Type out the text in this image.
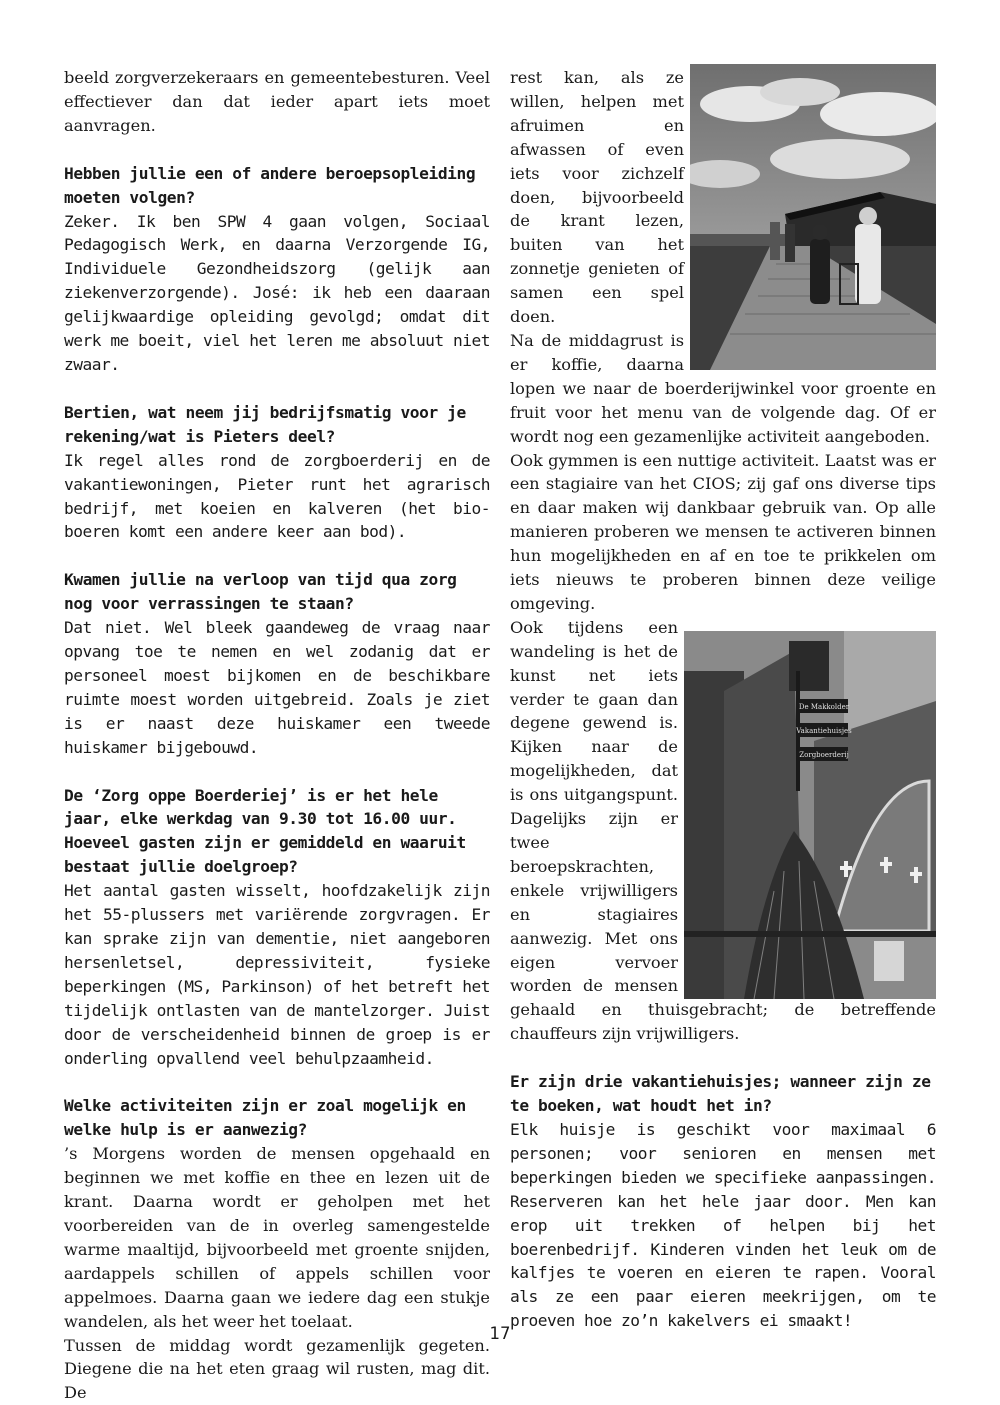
beeld zorgverzekeraars en gemeentebesturen. Veel effectiever dan dat ieder apart iets moet aanvragen.

Hebben jullie een of andere beroepsopleiding moeten volgen?

Zeker. Ik ben SPW 4 gaan volgen, Sociaal Pedagogisch Werk, en daarna Verzorgende IG, Individuele Gezondheidszorg (gelijk aan ziekenverzorgende). José: ik heb een daaraan gelijkwaardige opleiding gevolgd; omdat dit werk me boeit, viel het leren me absoluut niet zwaar.

Bertien, wat neem jij bedrijfsmatig voor je rekening/wat is Pieters deel?

Ik regel alles rond de zorgboerderij en de vakantiewoningen, Pieter runt het agrarisch bedrijf, met koeien en kalveren (het bio-boeren komt een andere keer aan bod).

Kwamen jullie na verloop van tijd qua zorg nog voor verrassingen te staan?

Dat niet. Wel bleek gaandeweg de vraag naar opvang toe te nemen en wel zodanig dat er personeel moest bijkomen en de beschikbare ruimte moest worden uitgebreid. Zoals je ziet is er naast deze huiskamer een tweede huiskamer bijgebouwd.

De ‘Zorg oppe Boerderiej’ is er het hele jaar, elke werkdag van 9.30 tot 16.00 uur. Hoeveel gasten zijn er gemiddeld en waaruit bestaat jullie doelgroep?

Het aantal gasten wisselt, hoofdzakelijk zijn het 55-plussers met variërende zorgvragen. Er kan sprake zijn van dementie, niet aangeboren hersenletsel, depressiviteit, fysieke beperkingen (MS, Parkinson) of het betreft het tijdelijk ontlasten van de mantelzorger. Juist door de verscheidenheid binnen de groep is er onderling opvallend veel behulpzaamheid.

Welke activiteiten zijn er zoal mogelijk en welke hulp is er aanwezig?

’s Morgens worden de mensen opgehaald en beginnen we met koffie en thee en lezen uit de krant. Daarna wordt er geholpen met het voorbereiden van de in overleg samengestelde warme maaltijd, bijvoorbeeld met groente snijden, aardappels schillen of appels schillen voor appelmoes. Daarna gaan we iedere dag een stukje wandelen, als het weer het toelaat.

Tussen de middag wordt gezamenlijk gegeten. Diegene die na het eten graag wil rusten, mag dit. De

rest kan, als ze willen, helpen met afruimen en afwassen of even iets voor zichzelf doen, bijvoorbeeld de krant lezen, buiten van het zonnetje genieten of samen een spel doen.

Na de middagrust is er koffie, daarna lopen we naar de boerderijwinkel voor groente en fruit voor het menu van de volgende dag. Of er wordt nog een gezamenlijke activiteit aangeboden.

Ook gymmen is een nuttige activiteit. Laatst was er een stagiaire van het CIOS; zij gaf ons diverse tips en daar maken wij dankbaar gebruik van. Op alle manieren proberen we mensen te activeren binnen hun mogelijkheden en af en toe te prikkelen om iets nieuws te proberen binnen deze veilige omgeving.

Ook tijdens een wandeling is het de kunst net iets verder te gaan dan degene gewend is. Kijken naar de mogelijkheden, dat is ons uitgangspunt. Dagelijks zijn er twee beroepskrachten, enkele vrijwilligers en stagiaires aanwezig. Met ons eigen vervoer worden de mensen gehaald en thuisgebracht; de betreffende chauffeurs zijn vrijwilligers.

Er zijn drie vakantiehuisjes; wanneer zijn ze te boeken, wat houdt het in?

Elk huisje is geschikt voor maximaal 6 personen; voor senioren en mensen met beperkingen bieden we specifieke aanpassingen. Reserveren kan het hele jaar door. Men kan erop uit trekken of helpen bij het boerenbedrijf. Kinderen vinden het leuk om de kalfjes te voeren en eieren te rapen. Vooral als ze een paar eieren meekrijgen, om te proeven hoe zo’n kakelvers ei smaakt!

De Makkolder
Vakantiehuisjes
Zorgboerderij
17
